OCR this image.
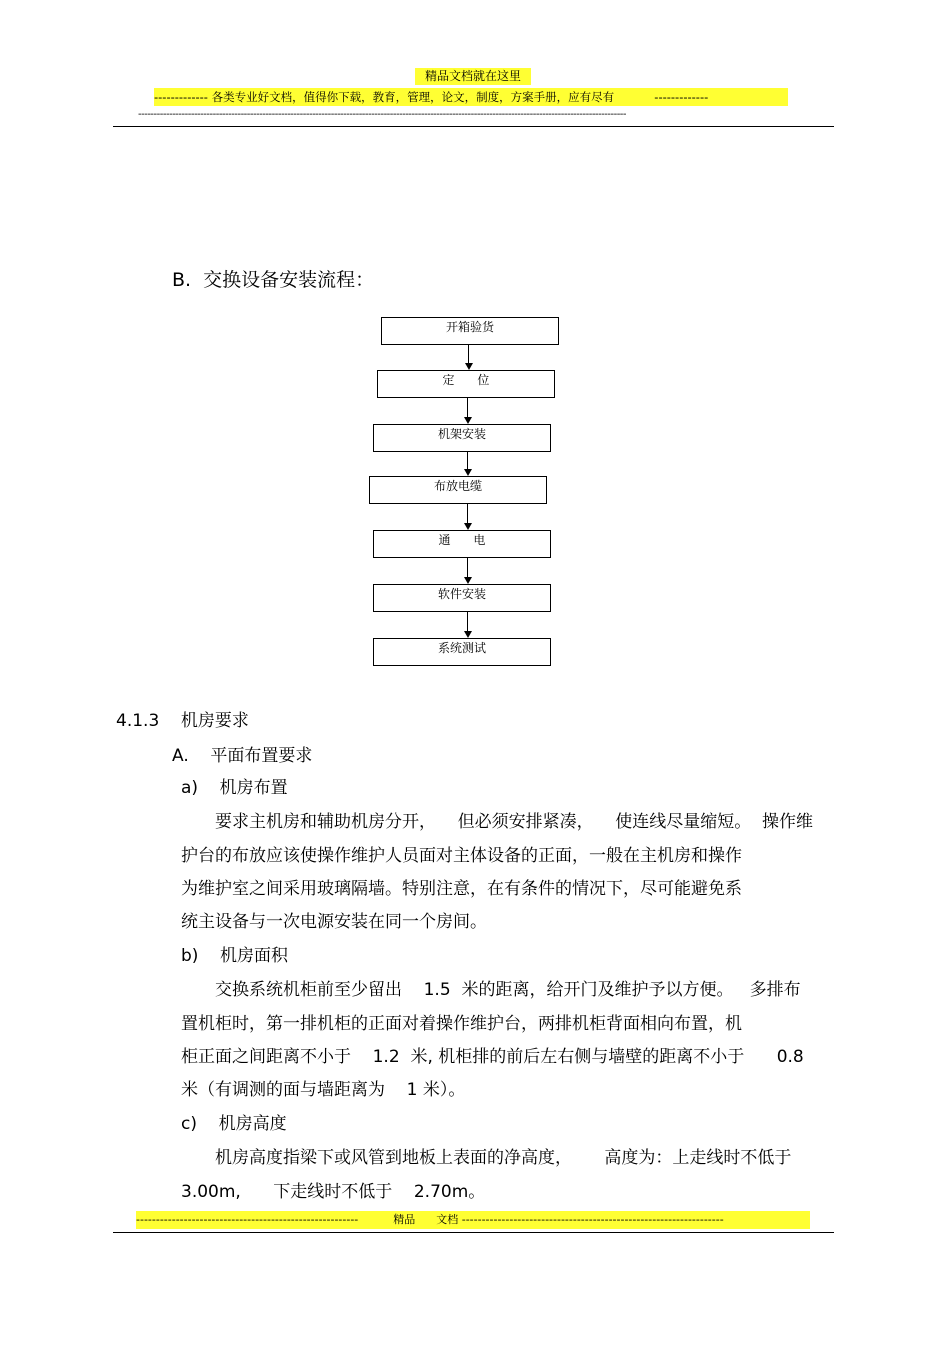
精品文档就在这里
------------- 各类专业好文档，值得你下载，教育，管理，论文，制度，方案手册，应有尽有           -------------
-------------------------------------------------------------------------------------------------------------------------------------------------------------
B.  交换设备安装流程：
开箱验货
定      位
机架安装
布放电缆
通      电
软件安装
系统测试
4.1.3    机房要求
A.    平面布置要求
a)    机房布置
要求主机房和辅助机房分开，    但必须安排紧凑，    使连线尽量缩短。  操作维
护台的布放应该使操作维护人员面对主体设备的正面，一般在主机房和操作
为维护室之间采用玻璃隔墙。特别注意，在有条件的情况下，尽可能避免系
统主设备与一次电源安装在同一个房间。
b)    机房面积
交换系统机柜前至少留出    1.5  米的距离，给开门及维护予以方便。   多排布
置机柜时，第一排机柜的正面对着操作维护台，两排机柜背面相向布置，机
柜正面之间距离不小于    1.2  米, 机柜排的前后左右侧与墙壁的距离不小于      0.8
米（有调测的面与墙距离为    1 米）。
c)    机房高度
机房高度指梁下或风管到地板上表面的净高度，      高度为：上走线时不低于
3.00m,      下走线时不低于    2.70m。
--------------------------------------------------------          精品      文档 ------------------------------------------------------------------
